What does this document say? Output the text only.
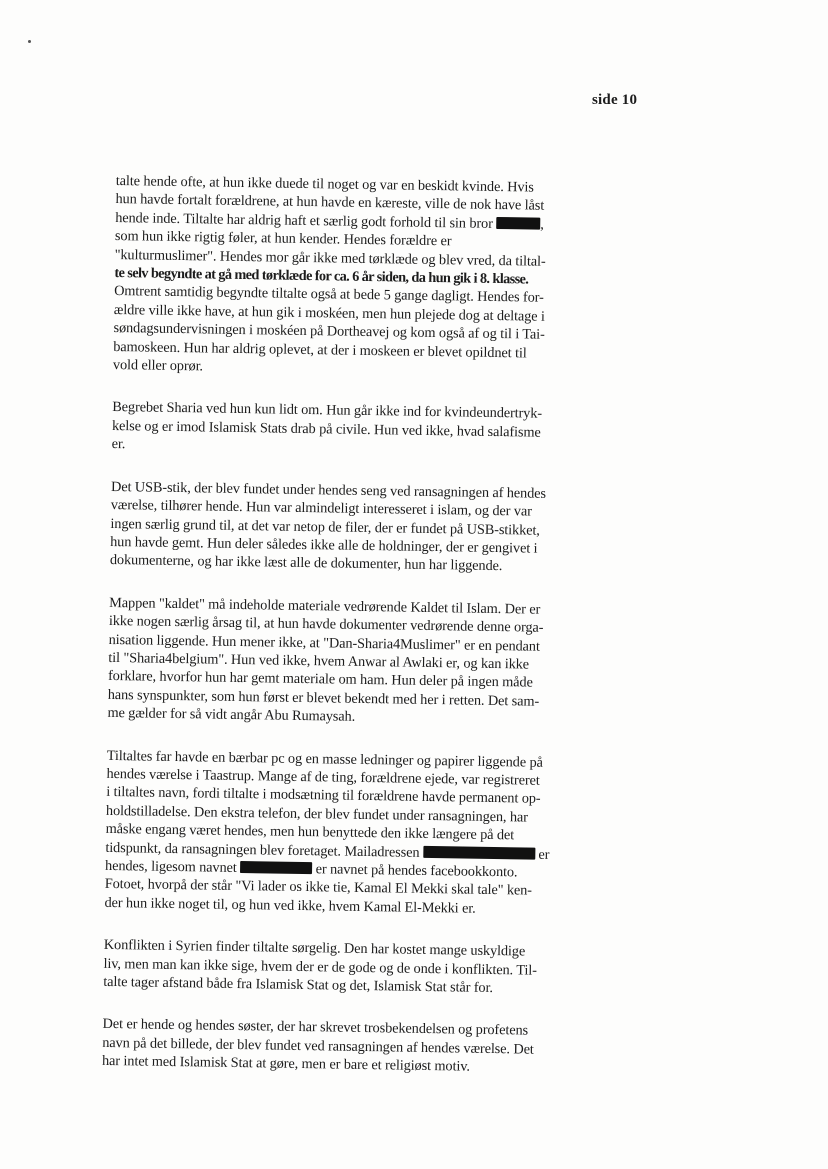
side 10

talte hende ofte, at hun ikke duede til noget og var en beskidt kvinde. Hvis
hun havde fortalt forældrene, at hun havde en kæreste, ville de nok have låst
hende inde. Tiltalte har aldrig haft et særlig godt forhold til sin bror	,
som hun ikke rigtig føler, at hun kender. Hendes forældre er
"kulturmuslimer". Hendes mor går ikke med tørklæde og blev vred, da tiltal-
te selv begyndte at gå med tørklæde for ca. 6 år siden, da hun gik i 8. klasse.
Omtrent samtidig begyndte tiltalte også at bede 5 gange dagligt. Hendes for-
ældre ville ikke have, at hun gik i moskéen, men hun plejede dog at deltage i
søndagsundervisningen i moskéen på Dortheavej og kom også af og til i Tai-
bamoskeen. Hun har aldrig oplevet, at der i moskeen er blevet opildnet til
vold eller oprør.

Begrebet Sharia ved hun kun lidt om. Hun går ikke ind for kvindeundertryk-
kelse og er imod Islamisk Stats drab på civile. Hun ved ikke, hvad salafisme
er.

Det USB-stik, der blev fundet under hendes seng ved ransagningen af hendes
værelse, tilhører hende. Hun var almindeligt interesseret i islam, og der var
ingen særlig grund til, at det var netop de filer, der er fundet på USB-stikket,
hun havde gemt. Hun deler således ikke alle de holdninger, der er gengivet i
dokumenterne, og har ikke læst alle de dokumenter, hun har liggende.

Mappen "kaldet" må indeholde materiale vedrørende Kaldet til Islam. Der er
ikke nogen særlig årsag til, at hun havde dokumenter vedrørende denne orga-
nisation liggende. Hun mener ikke, at "Dan-Sharia4Muslimer" er en pendant
til "Sharia4belgium". Hun ved ikke, hvem Anwar al Awlaki er, og kan ikke
forklare, hvorfor hun har gemt materiale om ham. Hun deler på ingen måde
hans synspunkter, som hun først er blevet bekendt med her i retten. Det sam-
me gælder for så vidt angår Abu Rumaysah.

Tiltaltes far havde en bærbar pc og en masse ledninger og papirer liggende på
hendes værelse i Taastrup. Mange af de ting, forældrene ejede, var registreret
i tiltaltes navn, fordi tiltalte i modsætning til forældrene havde permanent op-
holdstilladelse. Den ekstra telefon, der blev fundet under ransagningen, har
måske engang været hendes, men hun benyttede den ikke længere på det
tidspunkt, da ransagningen blev foretaget. Mailadressen	er
hendes, ligesom navnet	er navnet på hendes facebookkonto.
Fotoet, hvorpå der står "Vi lader os ikke tie, Kamal El Mekki skal tale" ken-
der hun ikke noget til, og hun ved ikke, hvem Kamal El-Mekki er.

Konflikten i Syrien finder tiltalte sørgelig. Den har kostet mange uskyldige
liv, men man kan ikke sige, hvem der er de gode og de onde i konflikten. Til-
talte tager afstand både fra Islamisk Stat og det, Islamisk Stat står for.

Det er hende og hendes søster, der har skrevet trosbekendelsen og profetens
navn på det billede, der blev fundet ved ransagningen af hendes værelse. Det
har intet med Islamisk Stat at gøre, men er bare et religiøst motiv.
